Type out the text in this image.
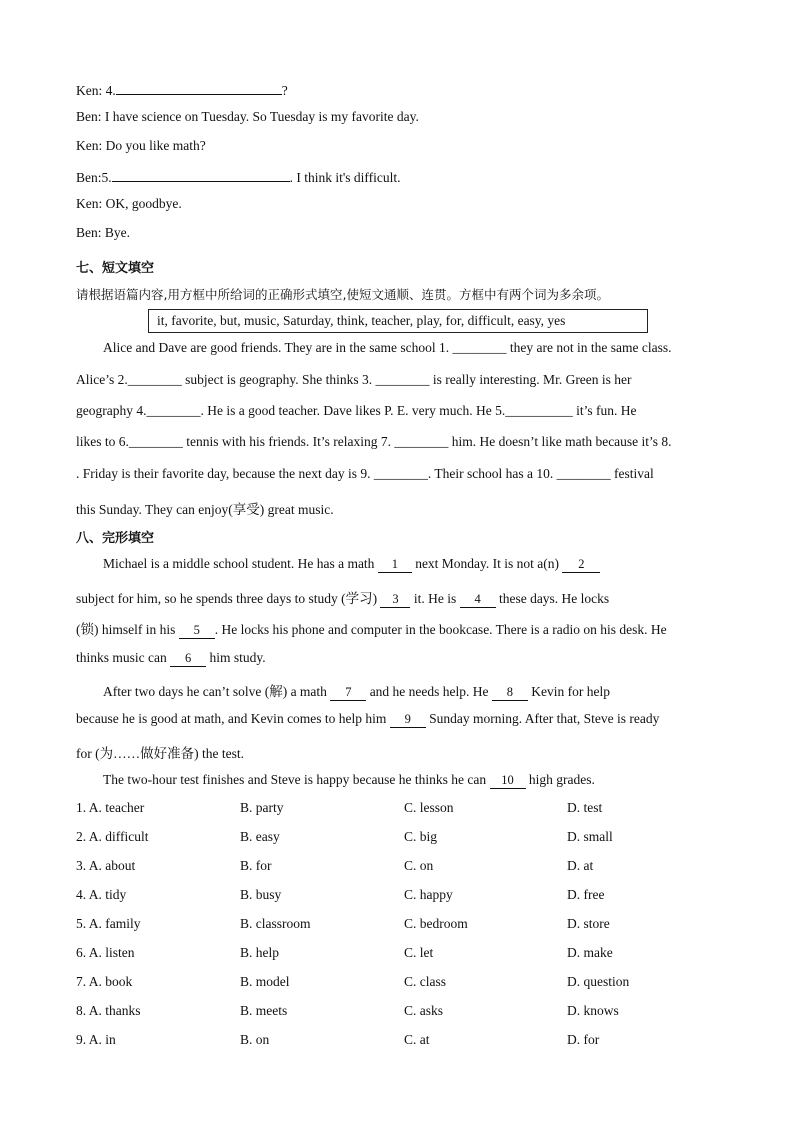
Ken: 4.	?
Ben: I have science on Tuesday. So Tuesday is my favorite day.
Ken: Do you like math?
Ben:5.	. I think it's difficult.
Ken: OK, goodbye.
Ben: Bye.
七、短文填空
请根据语篇内容,用方框中所给词的正确形式填空,使短文通顺、连贯。方框中有两个词为多余项。
it, favorite, but, music, Saturday, think, teacher, play, for, difficult, easy, yes
Alice and Dave are good friends. They are in the same school 1. ________ they are not in the same class.
Alice’s 2.________ subject is geography. She thinks 3. ________ is really interesting. Mr. Green is her
geography 4.________. He is a good teacher. Dave likes P. E. very much. He 5.__________ it’s fun. He
likes to 6.________ tennis with his friends. It’s relaxing 7. ________ him. He doesn’t like math because it’s 8.
. Friday is their favorite day, because the next day is 9. ________. Their school has a 10. ________ festival
this Sunday. They can enjoy(享受) great music.
八、完形填空
Michael is a middle school student. He has a math 1 next Monday. It is not a(n) 2
subject for him, so he spends three days to study (学习) 3 it. He is 4 these days. He locks
(锁) himself in his 5 . He locks his phone and computer in the bookcase. There is a radio on his desk. He
thinks music can 6 him study.
After two days he can’t solve (解) a math 7 and he needs help. He 8 Kevin for help
because he is good at math, and Kevin comes to help him 9 Sunday morning. After that, Steve is ready
for (为……做好准备) the test.
The two-hour test finishes and Steve is happy because he thinks he can 10 high grades.
1. A. teacher	B. party	C. lesson	D. test
2. A. difficult	B. easy	C. big	D. small
3. A. about	B. for	C. on	D. at
4. A. tidy	B. busy	C. happy	D. free
5. A. family	B. classroom	C. bedroom	D. store
6. A. listen	B. help	C. let	D. make
7. A. book	B. model	C. class	D. question
8. A. thanks	B. meets	C. asks	D. knows
9. A. in	B. on	C. at	D. for
